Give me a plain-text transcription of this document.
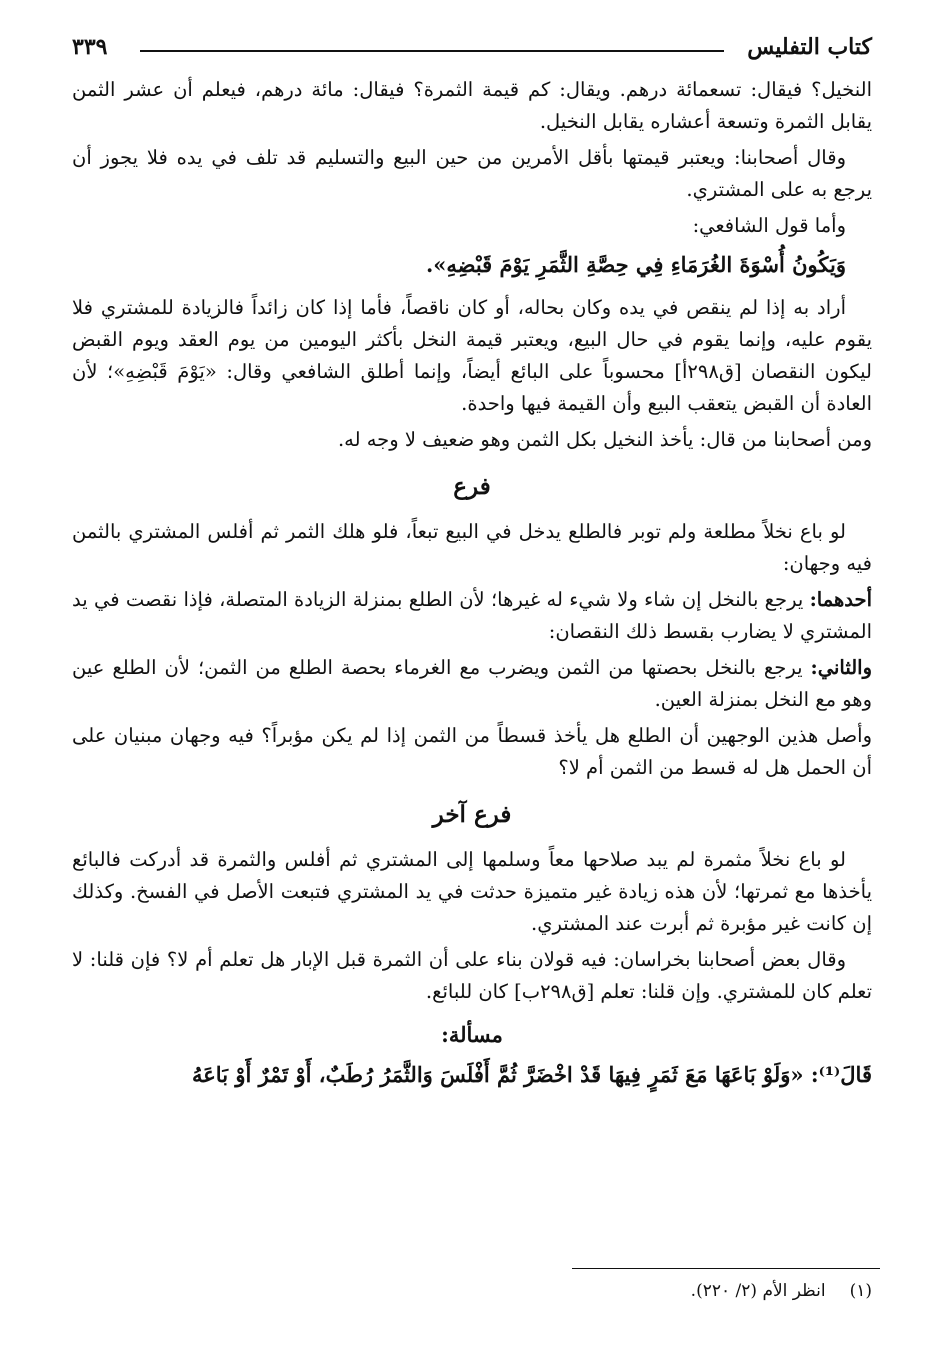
كتاب التفليس
٣٣٩

النخيل؟ فيقال: تسعمائة درهم. ويقال: كم قيمة الثمرة؟ فيقال: مائة درهم، فيعلم أن عشر الثمن يقابل الثمرة وتسعة أعشاره يقابل النخيل.

وقال أصحابنا: ويعتبر قيمتها بأقل الأمرين من حين البيع والتسليم قد تلف في يده فلا يجوز أن يرجع به على المشتري.

وأما قول الشافعي:

وَيَكُونُ أُسْوَةَ الغُرَمَاءِ فِي حِصَّةِ الثَّمَرِ يَوْمَ قَبْضِهِ».

أراد به إذا لم ينقص في يده وكان بحاله، أو كان ناقصاً، فأما إذا كان زائداً فالزيادة للمشتري فلا يقوم عليه، وإنما يقوم في حال البيع، ويعتبر قيمة النخل بأكثر اليومين من يوم العقد ويوم القبض ليكون النقصان [ق٢٩٨أ] محسوباً على البائع أيضاً، وإنما أطلق الشافعي وقال: «يَوْمَ قَبْضِهِ»؛ لأن العادة أن القبض يتعقب البيع وأن القيمة فيها واحدة.

ومن أصحابنا من قال: يأخذ النخيل بكل الثمن وهو ضعيف لا وجه له.

فرع

لو باع نخلاً مطلعة ولم توبر فالطلع يدخل في البيع تبعاً، فلو هلك الثمر ثم أفلس المشتري بالثمن فيه وجهان:

أحدهما: يرجع بالنخل إن شاء ولا شيء له غيرها؛ لأن الطلع بمنزلة الزيادة المتصلة، فإذا نقصت في يد المشتري لا يضارب بقسط ذلك النقصان:

والثاني: يرجع بالنخل بحصتها من الثمن ويضرب مع الغرماء بحصة الطلع من الثمن؛ لأن الطلع عين وهو مع النخل بمنزلة العين.

وأصل هذين الوجهين أن الطلع هل يأخذ قسطاً من الثمن إذا لم يكن مؤبراً؟ فيه وجهان مبنيان على أن الحمل هل له قسط من الثمن أم لا؟

فرع آخر

لو باع نخلاً مثمرة لم يبد صلاحها معاً وسلمها إلى المشتري ثم أفلس والثمرة قد أدركت فالبائع يأخذها مع ثمرتها؛ لأن هذه زيادة غير متميزة حدثت في يد المشتري فتبعت الأصل في الفسخ. وكذلك إن كانت غير مؤبرة ثم أبرت عند المشتري.

وقال بعض أصحابنا بخراسان: فيه قولان بناء على أن الثمرة قبل الإبار هل تعلم أم لا؟ فإن قلنا: لا تعلم كان للمشتري. وإن قلنا: تعلم [ق٢٩٨ب] كان للبائع.

مسألة:

قَالَ⁽¹⁾: «وَلَوْ بَاعَهَا مَعَ ثَمَرٍ فِيهَا قَدْ اخْضَرَّ ثُمَّ أَفْلَسَ وَالثَّمَرُ رُطَبٌ، أَوْ تَمْرٌ أَوْ بَاعَهُ

(١)انظر الأم (٢/ ٢٢٠).
